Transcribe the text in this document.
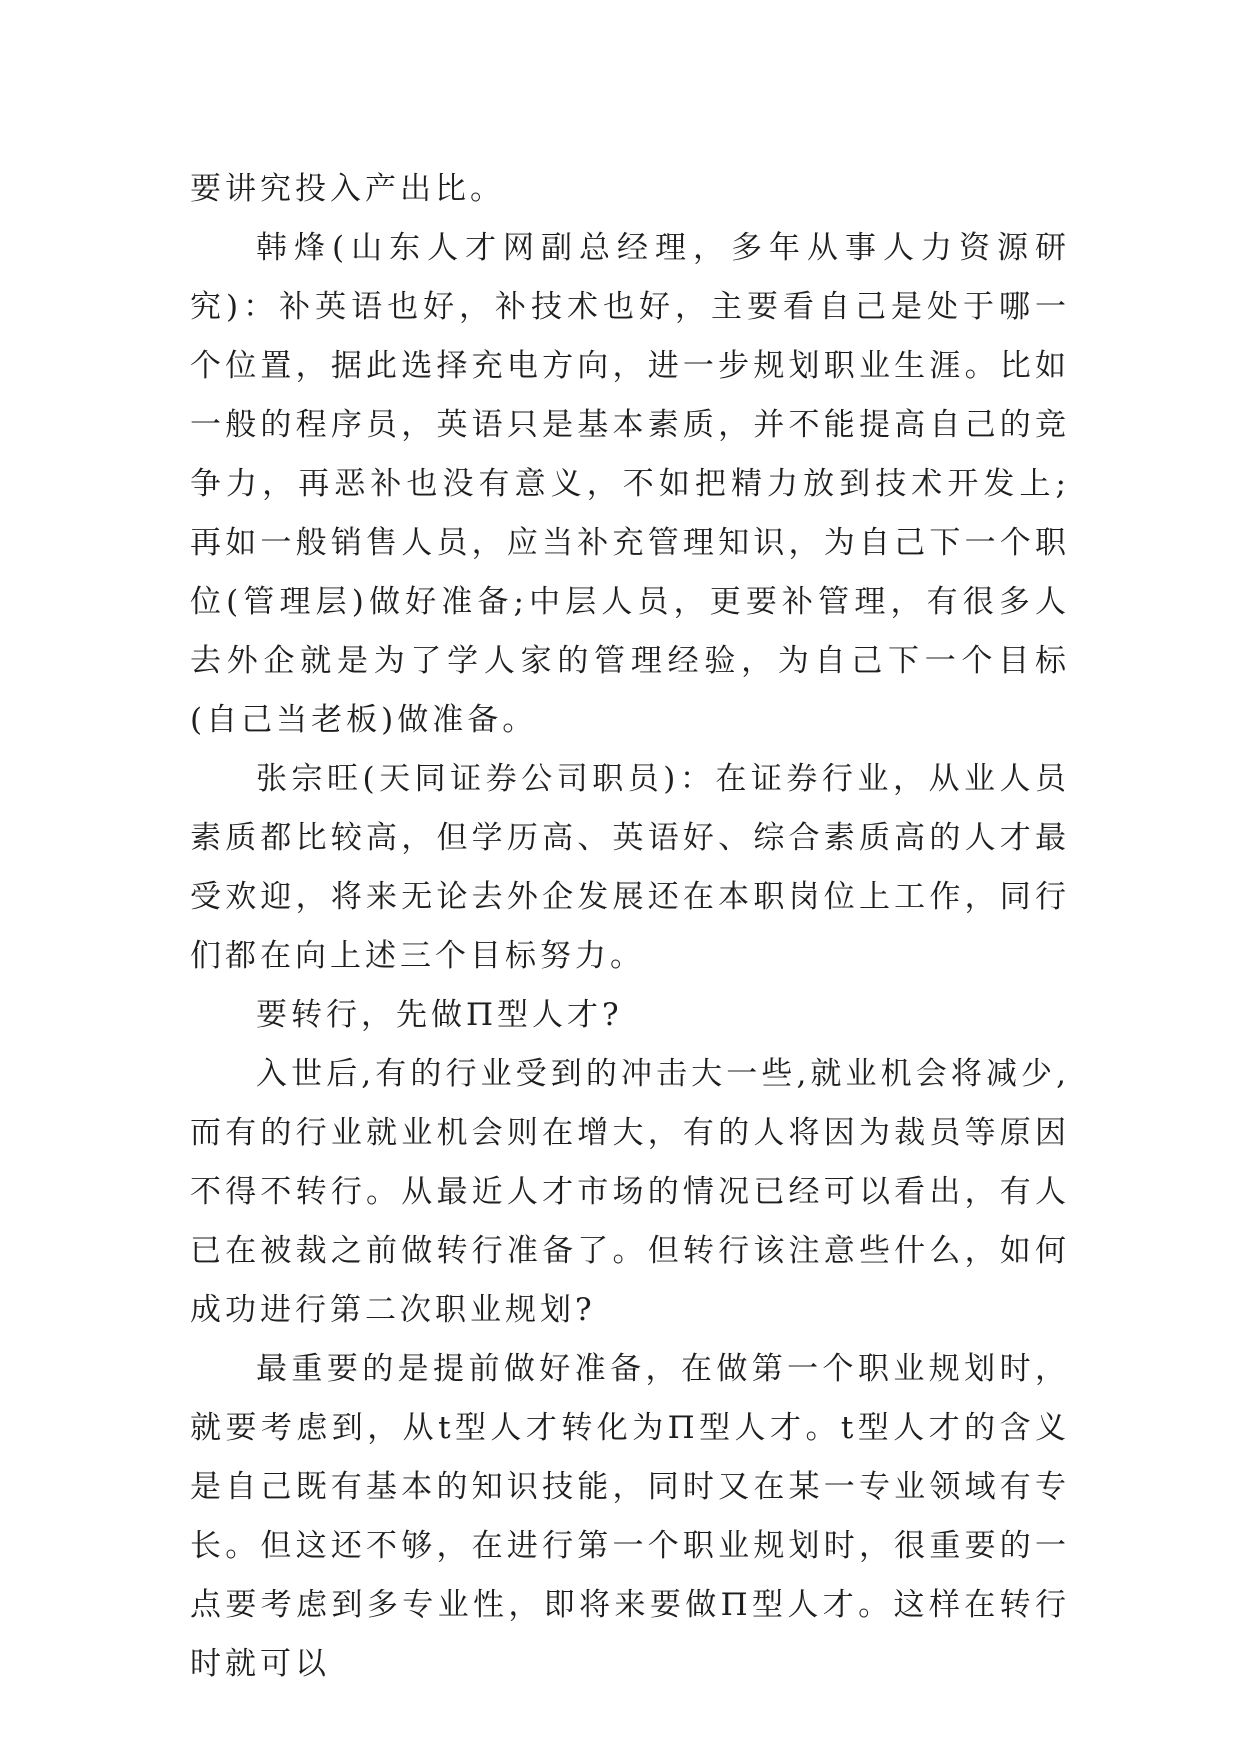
要讲究投入产出比。

韩烽(山东人才网副总经理，多年从事人力资源研究)：补英语也好，补技术也好，主要看自己是处于哪一个位置，据此选择充电方向，进一步规划职业生涯。比如一般的程序员，英语只是基本素质，并不能提高自己的竞争力，再恶补也没有意义，不如把精力放到技术开发上;再如一般销售人员，应当补充管理知识，为自己下一个职位(管理层)做好准备;中层人员，更要补管理，有很多人去外企就是为了学人家的管理经验，为自己下一个目标(自己当老板)做准备。

张宗旺(天同证券公司职员)：在证券行业，从业人员素质都比较高，但学历高、英语好、综合素质高的人才最受欢迎，将来无论去外企发展还在本职岗位上工作，同行们都在向上述三个目标努力。

要转行，先做Π型人才?

入世后,有的行业受到的冲击大一些,就业机会将减少,而有的行业就业机会则在增大，有的人将因为裁员等原因不得不转行。从最近人才市场的情况已经可以看出，有人已在被裁之前做转行准备了。但转行该注意些什么，如何成功进行第二次职业规划?

最重要的是提前做好准备，在做第一个职业规划时，就要考虑到，从t型人才转化为Π型人才。t型人才的含义是自己既有基本的知识技能，同时又在某一专业领域有专长。但这还不够，在进行第一个职业规划时，很重要的一点要考虑到多专业性，即将来要做Π型人才。这样在转行时就可以
